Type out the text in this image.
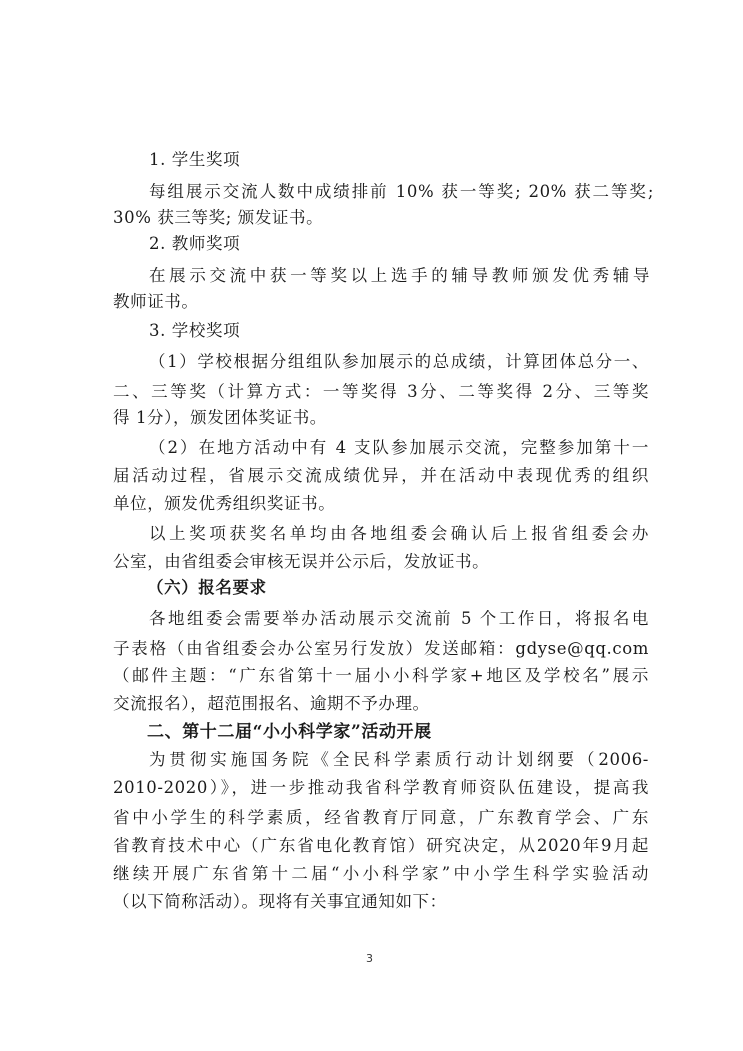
1. 学生奖项
每组展示交流人数中成绩排前 10% 获一等奖; 20% 获二等奖;
30% 获三等奖; 颁发证书。
2. 教师奖项
在展示交流中获一等奖以上选手的辅导教师颁发优秀辅导
教师证书。
3. 学校奖项
（1）学校根据分组组队参加展示的总成绩，计算团体总分一、
二、三等奖（计算方式：一等奖得 3分、二等奖得 2分、三等奖
得 1分），颁发团体奖证书。
（2）在地方活动中有 4 支队参加展示交流，完整参加第十一
届活动过程，省展示交流成绩优异，并在活动中表现优秀的组织
单位，颁发优秀组织奖证书。
以上奖项获奖名单均由各地组委会确认后上报省组委会办
公室，由省组委会审核无误并公示后，发放证书。
（六）报名要求
各地组委会需要举办活动展示交流前 5 个工作日，将报名电
子表格（由省组委会办公室另行发放）发送邮箱：gdyse@qq.com
（邮件主题：“广东省第十一届小小科学家+地区及学校名”展示
交流报名），超范围报名、逾期不予办理。
二、第十二届“小小科学家”活动开展
为贯彻实施国务院《全民科学素质行动计划纲要（2006-
2010-2020）》，进一步推动我省科学教育师资队伍建设，提高我
省中小学生的科学素质，经省教育厅同意，广东教育学会、广东
省教育技术中心（广东省电化教育馆）研究决定，从2020年9月起
继续开展广东省第十二届“小小科学家”中小学生科学实验活动
（以下简称活动）。现将有关事宜通知如下：
3
